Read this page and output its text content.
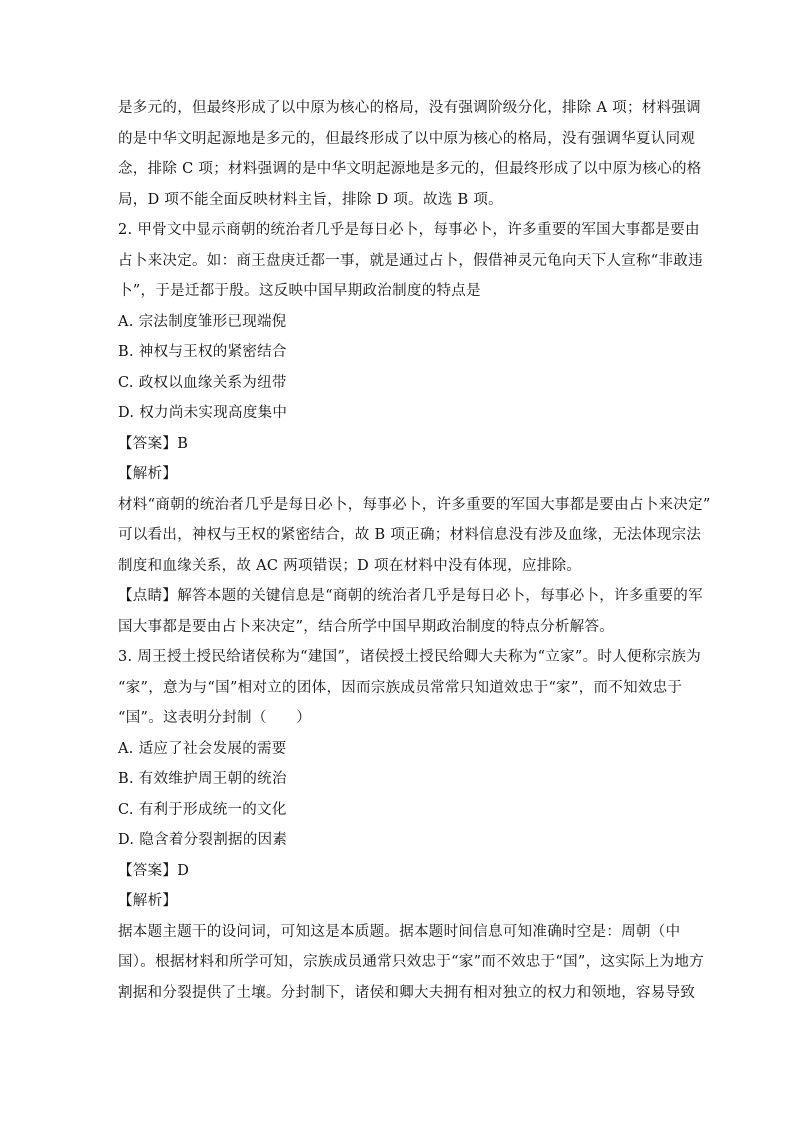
是多元的，但最终形成了以中原为核心的格局，没有强调阶级分化，排除 A 项；材料强调
的是中华文明起源地是多元的，但最终形成了以中原为核心的格局，没有强调华夏认同观
念，排除 C 项；材料强调的是中华文明起源地是多元的，但最终形成了以中原为核心的格
局，D 项不能全面反映材料主旨，排除 D 项。故选 B 项。
2. 甲骨文中显示商朝的统治者几乎是每日必卜，每事必卜，许多重要的军国大事都是要由
占卜来决定。如：商王盘庚迁都一事，就是通过占卜，假借神灵元龟向天下人宣称“非敢违
卜”，于是迁都于殷。这反映中国早期政治制度的特点是
A. 宗法制度雏形已现端倪
B. 神权与王权的紧密结合
C. 政权以血缘关系为纽带
D. 权力尚未实现高度集中
【答案】B
【解析】
材料“商朝的统治者几乎是每日必卜，每事必卜，许多重要的军国大事都是要由占卜来决定”
可以看出，神权与王权的紧密结合，故 B 项正确；材料信息没有涉及血缘，无法体现宗法
制度和血缘关系，故 AC 两项错误；D 项在材料中没有体现，应排除。
【点睛】解答本题的关键信息是“商朝的统治者几乎是每日必卜，每事必卜，许多重要的军
国大事都是要由占卜来决定”，结合所学中国早期政治制度的特点分析解答。
3. 周王授土授民给诸侯称为“建国”，诸侯授土授民给卿大夫称为“立家”。时人便称宗族为
“家”，意为与“国”相对立的团体，因而宗族成员常常只知道效忠于“家”，而不知效忠于
“国”。这表明分封制（　　）
A. 适应了社会发展的需要
B. 有效维护周王朝的统治
C. 有利于形成统一的文化
D. 隐含着分裂割据的因素
【答案】D
【解析】
据本题主题干的设问词，可知这是本质题。据本题时间信息可知准确时空是：周朝（中
国）。根据材料和所学可知，宗族成员通常只效忠于“家”而不效忠于“国”，这实际上为地方
割据和分裂提供了土壤。分封制下，诸侯和卿大夫拥有相对独立的权力和领地，容易导致
